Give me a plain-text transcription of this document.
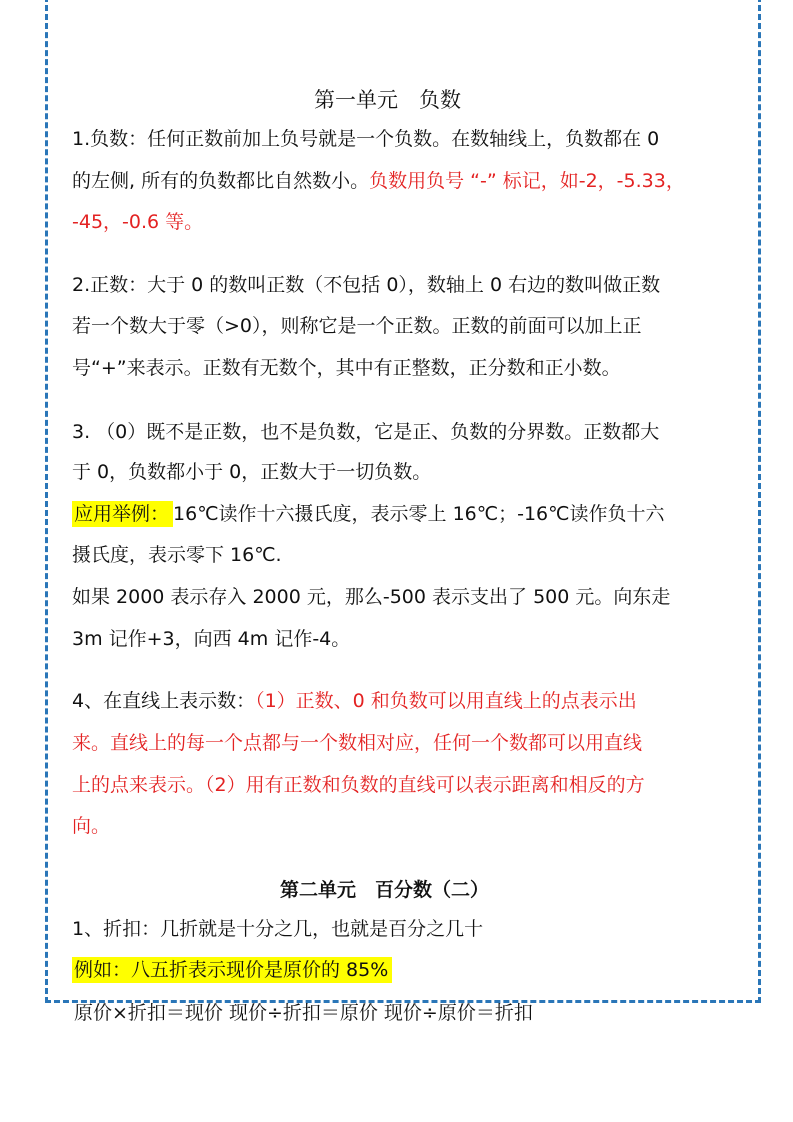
第一单元　负数
1.负数：任何正数前加上负号就是一个负数。在数轴线上，负数都在 0
的左侧, 所有的负数都比自然数小。负数用负号 “-” 标记，如-2，-5.33，
-45，-0.6 等。
2.正数：大于 0 的数叫正数（不包括 0），数轴上 0 右边的数叫做正数
若一个数大于零（>0），则称它是一个正数。正数的前面可以加上正
号“+”来表示。正数有无数个，其中有正整数，正分数和正小数。
3. （0）既不是正数，也不是负数，它是正、负数的分界数。正数都大
于 0，负数都小于 0，正数大于一切负数。
应用举例： 16℃读作十六摄氏度，表示零上 16℃；-16℃读作负十六
摄氏度，表示零下 16℃.
如果 2000 表示存入 2000 元，那么-500 表示支出了 500 元。向东走
3m 记作+3，向西 4m 记作-4。
4、在直线上表示数：（1）正数、0 和负数可以用直线上的点表示出
来。直线上的每一个点都与一个数相对应，任何一个数都可以用直线
上的点来表示。（2）用有正数和负数的直线可以表示距离和相反的方
向。
第二单元　百分数（二）
1、折扣：几折就是十分之几，也就是百分之几十
例如：八五折表示现价是原价的 85%
原价×折扣＝现价 现价÷折扣＝原价 现价÷原价＝折扣
